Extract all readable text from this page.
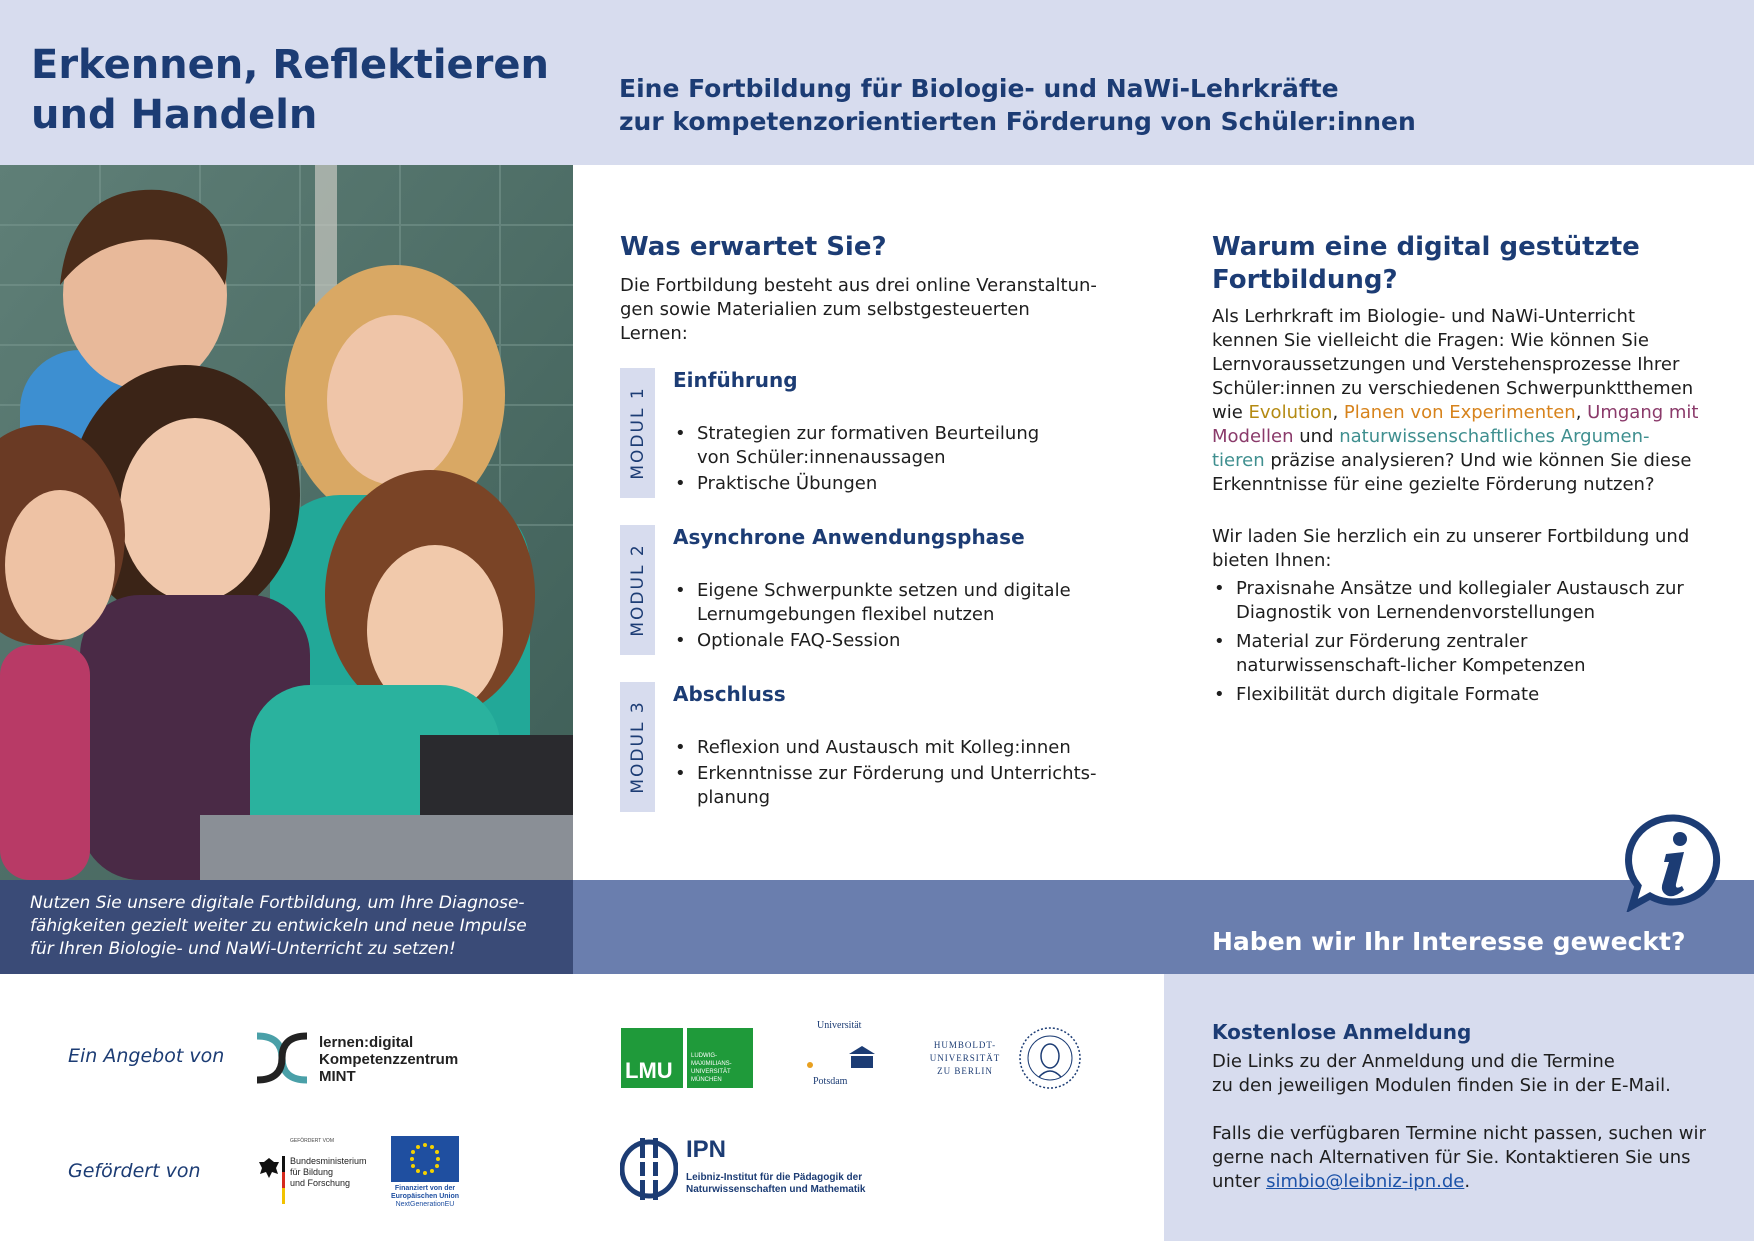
Erkennen, Reflektieren
und Handeln
Eine Fortbildung für Biologie- und NaWi-Lehrkräfte
zur kompetenzorientierten Förderung von Schüler:innen
Nutzen Sie unsere digitale Fortbildung, um Ihre Diagnose-
fähigkeiten gezielt weiter zu entwickeln und neue Impulse
für Ihren Biologie- und NaWi-Unterricht zu setzen!	Haben wir Ihr Interesse geweckt?
Was erwartet Sie?
Die Fortbildung besteht aus drei online Veranstaltun-
gen sowie Materialien zum selbstgesteuerten Lernen:
MODUL 1
Einführung
• Strategien zur formativen Beurteilung
von Schüler:innenaussagen
• Praktische Übungen
MODUL 2
Asynchrone Anwendungsphase
• Eigene Schwerpunkte setzen und digitale
Lernumgebungen flexibel nutzen
• Optionale FAQ-Session
MODUL 3
Abschluss
• Reflexion und Austausch mit Kolleg:innen
• Erkenntnisse zur Förderung und Unterrichts-
planung
Warum eine digital gestützte
Fortbildung?

Als Lerhrkraft im Biologie- und NaWi-Unterricht kennen Sie vielleicht die Fragen: Wie können Sie Lernvoraussetzungen und Verstehensprozesse Ihrer Schüler:innen zu verschiedenen Schwerpunktthemen wie Evolution, Planen von Experimenten, Umgang mit Modellen und naturwissenschaftliches Argumen-tieren präzise analysieren? Und wie können Sie diese Erkenntnisse für eine gezielte Förderung nutzen?

Wir laden Sie herzlich ein zu unserer Fortbildung und bieten Ihnen:

• Praxisnahe Ansätze und kollegialer Austausch zur Diagnostik von Lernendenvorstellungen
• Material zur Förderung zentraler naturwissenschaft-licher Kompetenzen
• Flexibilität durch digitale Formate
Kostenlose Anmeldung
Die Links zu der Anmeldung und die Termine
zu den jeweiligen Modulen finden Sie in der E-Mail.

Falls die verfügbaren Termine nicht passen, suchen wir gerne nach Alternativen für Sie. Kontaktieren Sie uns unter simbio@leibniz-ipn.de.

Ein Angebot von
Gefördert von
lernen:digital
Kompetenzzentrum
MINT	LMU
LUDWIG-
MAXIMILIANS-
UNIVERSITÄT
MÜNCHEN
Universität
Potsdam
HUMBOLDT-
UNIVERSITÄT
ZU BERLIN
GEFÖRDERT VOM
Bundesministerium
für Bildung
und Forschung
Finanziert von der
Europäischen Union
NextGenerationEU
IPN
Leibniz-Institut für die Pädagogik der
Naturwissenschaften und Mathematik
